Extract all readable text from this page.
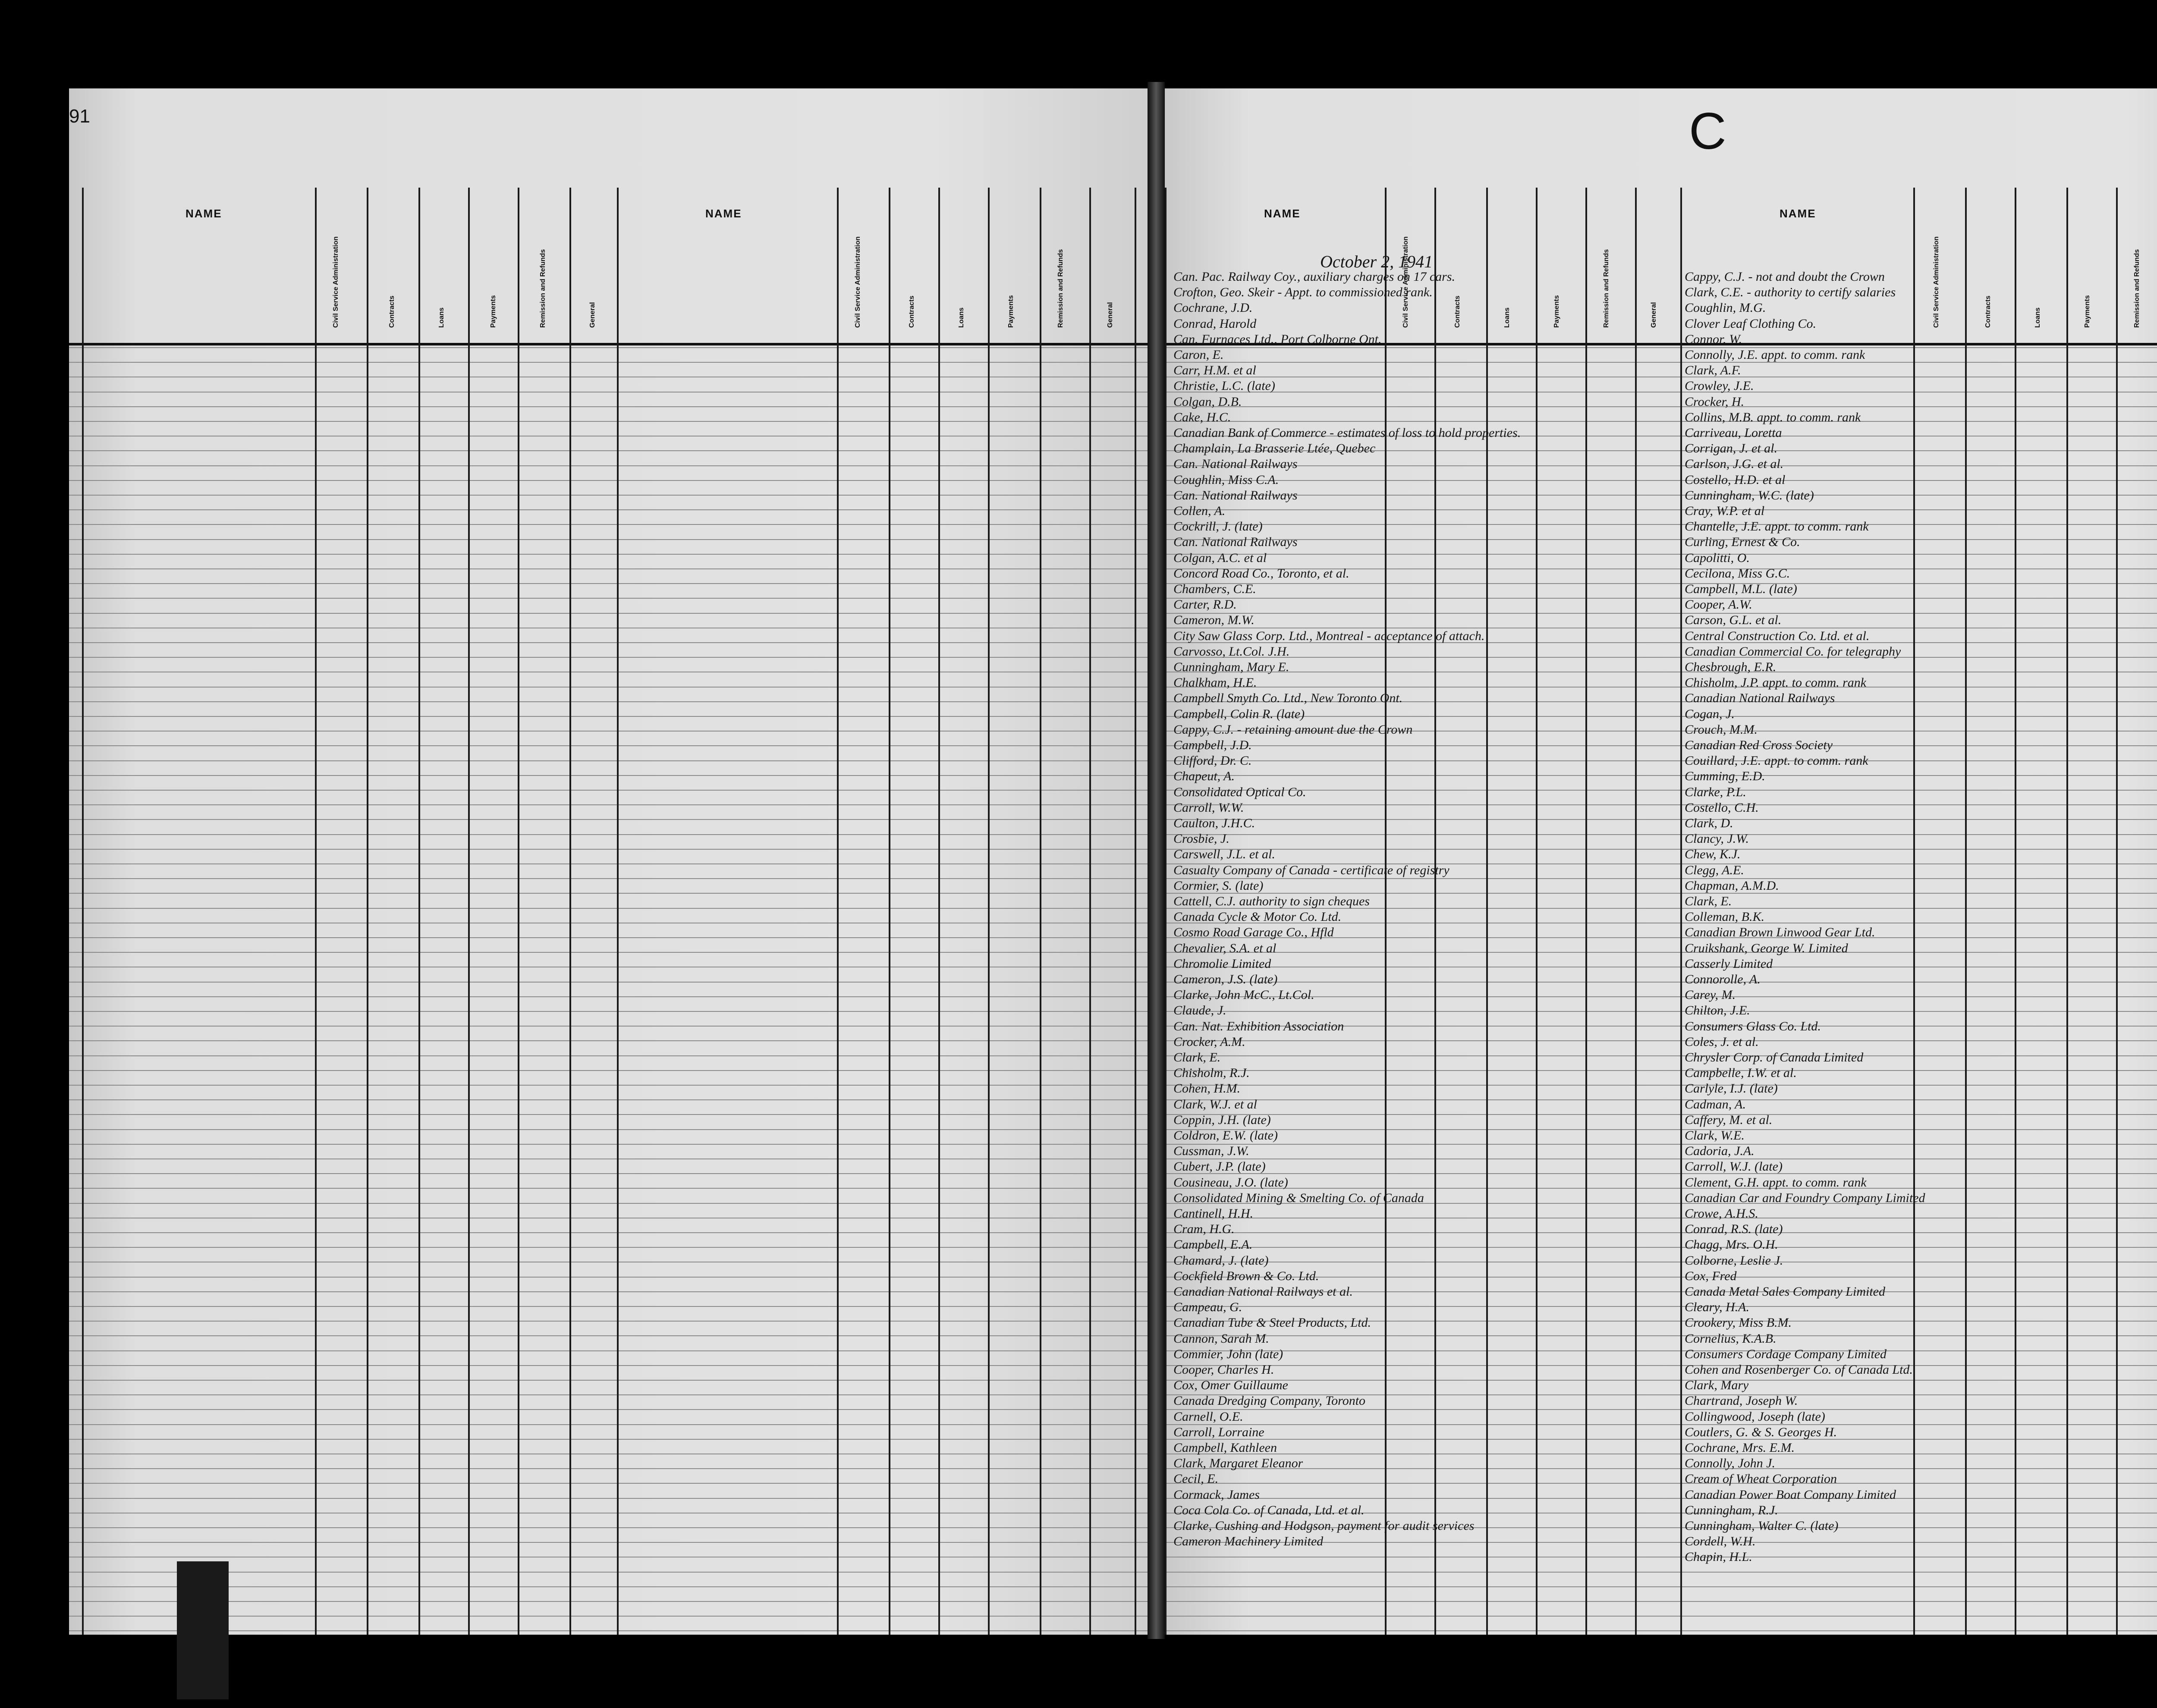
91
NAME
Civil Service Administration	Contracts	Loans	Payments	Remission and Refunds	General
NAME
Civil Service Administration	Contracts	Loans	Payments	Remission and Refunds	General
C
NAME
Civil Service Administration	Contracts	Loans	Payments	Remission and Refunds	General
NAME
Civil Service Administration	Contracts	Loans	Payments	Remission and Refunds
October 2, 1941
Can. Pac. Railway Coy., auxiliary charges on 17 cars.
Crofton, Geo. Skeir - Appt. to commissioned rank.
Cochrane, J.D.
Conrad, Harold
Can. Furnaces Ltd., Port Colborne Ont.
Caron, E.
Carr, H.M. et al
Christie, L.C. (late)
Colgan, D.B.
Cake, H.C.
Canadian Bank of Commerce - estimates of loss to hold properties.
Champlain, La Brasserie Ltée, Quebec
Can. National Railways
Coughlin, Miss C.A.
Can. National Railways
Collen, A.
Cockrill, J. (late)
Can. National Railways
Colgan, A.C. et al
Concord Road Co., Toronto, et al.
Chambers, C.E.
Carter, R.D.
Cameron, M.W.
City Saw Glass Corp. Ltd., Montreal - acceptance of attach.
Carvosso, Lt.Col. J.H.
Cunningham, Mary E.
Chalkham, H.E.
Campbell Smyth Co. Ltd., New Toronto Ont.
Campbell, Colin R. (late)
Cappy, C.J. - retaining amount due the Crown
Campbell, J.D.
Clifford, Dr. C.
Chapeut, A.
Consolidated Optical Co.
Carroll, W.W.
Caulton, J.H.C.
Crosbie, J.
Carswell, J.L. et al.
Casualty Company of Canada - certificate of registry
Cormier, S. (late)
Cattell, C.J. authority to sign cheques
Canada Cycle & Motor Co. Ltd.
Cosmo Road Garage Co., Hfld
Chevalier, S.A. et al
Chromolie Limited
Cameron, J.S. (late)
Clarke, John McC., Lt.Col.
Claude, J.
Can. Nat. Exhibition Association
Crocker, A.M.
Clark, E.
Chisholm, R.J.
Cohen, H.M.
Clark, W.J. et al
Coppin, J.H. (late)
Coldron, E.W. (late)
Cussman, J.W.
Cubert, J.P. (late)
Cousineau, J.O. (late)
Consolidated Mining & Smelting Co. of Canada
Cantinell, H.H.
Cram, H.G.
Campbell, E.A.
Chamard, J. (late)
Cockfield Brown & Co. Ltd.
Canadian National Railways et al.
Campeau, G.
Canadian Tube & Steel Products, Ltd.
Cannon, Sarah M.
Commier, John (late)
Cooper, Charles H.
Cox, Omer Guillaume
Canada Dredging Company, Toronto
Carnell, O.E.
Carroll, Lorraine
Campbell, Kathleen
Clark, Margaret Eleanor
Cecil, E.
Cormack, James
Coca Cola Co. of Canada, Ltd. et al.
Clarke, Cushing and Hodgson, payment for audit services
Cameron Machinery Limited
Cappy, C.J. - not and doubt the Crown
Clark, C.E. - authority to certify salaries
Coughlin, M.G.
Clover Leaf Clothing Co.
Connor, W.
Connolly, J.E. appt. to comm. rank
Clark, A.F.
Crowley, J.E.
Crocker, H.
Collins, M.B. appt. to comm. rank
Carriveau, Loretta
Corrigan, J. et al.
Carlson, J.G. et al.
Costello, H.D. et al
Cunningham, W.C. (late)
Cray, W.P. et al
Chantelle, J.E. appt. to comm. rank
Curling, Ernest & Co.
Capolitti, O.
Cecilona, Miss G.C.
Campbell, M.L. (late)
Cooper, A.W.
Carson, G.L. et al.
Central Construction Co. Ltd. et al.
Canadian Commercial Co. for telegraphy
Chesbrough, E.R.
Chisholm, J.P. appt. to comm. rank
Canadian National Railways
Cogan, J.
Crouch, M.M.
Canadian Red Cross Society
Couillard, J.E. appt. to comm. rank
Cumming, E.D.
Clarke, P.L.
Costello, C.H.
Clark, D.
Clancy, J.W.
Chew, K.J.
Clegg, A.E.
Chapman, A.M.D.
Clark, E.
Colleman, B.K.
Canadian Brown Linwood Gear Ltd.
Cruikshank, George W. Limited
Casserly Limited
Connorolle, A.
Carey, M.
Chilton, J.E.
Consumers Glass Co. Ltd.
Coles, J. et al.
Chrysler Corp. of Canada Limited
Campbelle, I.W. et al.
Carlyle, I.J. (late)
Cadman, A.
Caffery, M. et al.
Clark, W.E.
Cadoria, J.A.
Carroll, W.J. (late)
Clement, G.H. appt. to comm. rank
Canadian Car and Foundry Company Limited
Crowe, A.H.S.
Conrad, R.S. (late)
Chagg, Mrs. O.H.
Colborne, Leslie J.
Cox, Fred
Canada Metal Sales Company Limited
Cleary, H.A.
Crookery, Miss B.M.
Cornelius, K.A.B.
Consumers Cordage Company Limited
Cohen and Rosenberger Co. of Canada Ltd.
Clark, Mary
Chartrand, Joseph W.
Collingwood, Joseph (late)
Coutlers, G. & S. Georges H.
Cochrane, Mrs. E.M.
Connolly, John J.
Cream of Wheat Corporation
Canadian Power Boat Company Limited
Cunningham, R.J.
Cunningham, Walter C. (late)
Cordell, W.H.
Chapin, H.L.
